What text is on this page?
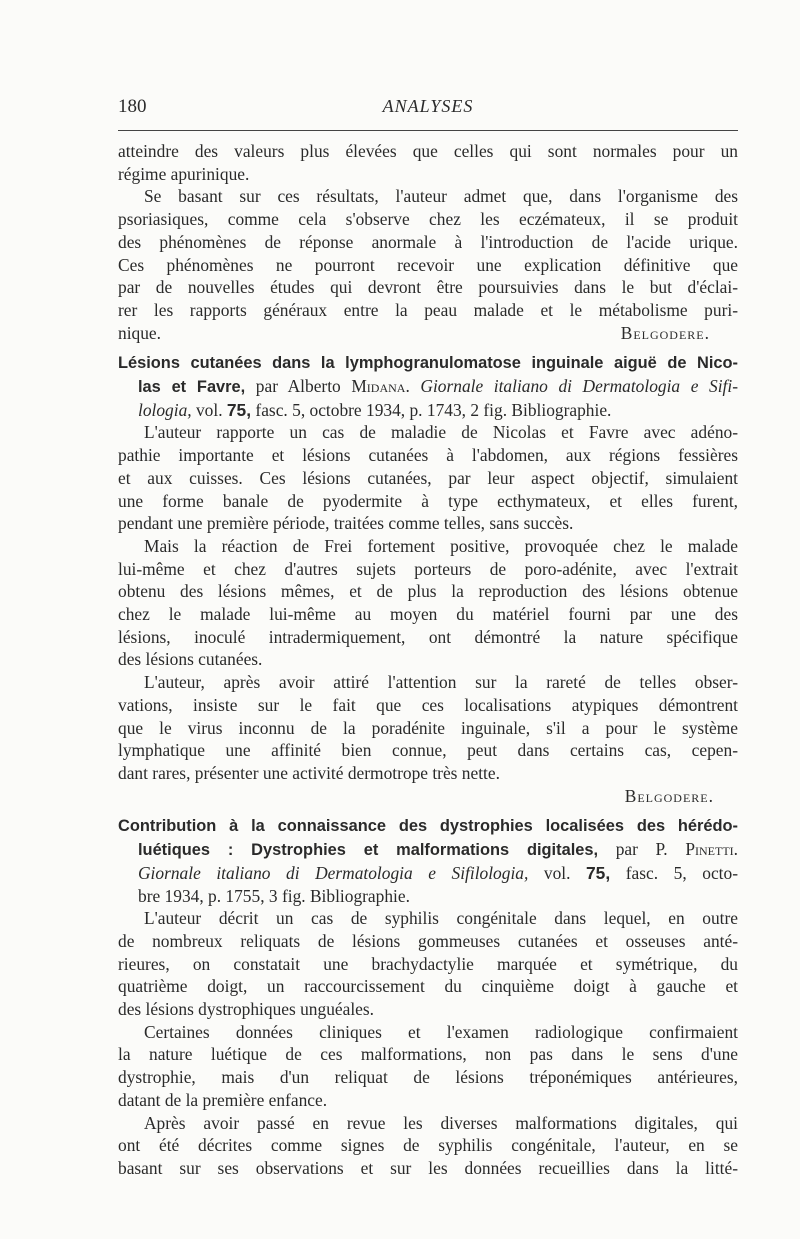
180	ANALYSES
atteindre des valeurs plus élevées que celles qui sont normales pour un
régime apurinique.
Se basant sur ces résultats, l'auteur admet que, dans l'organisme des
psoriasiques, comme cela s'observe chez les eczémateux, il se produit
des phénomènes de réponse anormale à l'introduction de l'acide urique.
Ces phénomènes ne pourront recevoir une explication définitive que
par de nouvelles études qui devront être poursuivies dans le but d'éclai-
rer les rapports généraux entre la peau malade et le métabolisme puri-
nique.	Belgodere.
Lésions cutanées dans la lymphogranulomatose inguinale aiguë de Nico-
las et Favre, par Alberto Midana. Giornale italiano di Dermatologia e Sifi-
lologia, vol. 75, fasc. 5, octobre 1934, p. 1743, 2 fig. Bibliographie.
L'auteur rapporte un cas de maladie de Nicolas et Favre avec adéno-
pathie importante et lésions cutanées à l'abdomen, aux régions fessières
et aux cuisses. Ces lésions cutanées, par leur aspect objectif, simulaient
une forme banale de pyodermite à type ecthymateux, et elles furent,
pendant une première période, traitées comme telles, sans succès.
Mais la réaction de Frei fortement positive, provoquée chez le malade
lui-même et chez d'autres sujets porteurs de poro-adénite, avec l'extrait
obtenu des lésions mêmes, et de plus la reproduction des lésions obtenue
chez le malade lui-même au moyen du matériel fourni par une des
lésions, inoculé intradermiquement, ont démontré la nature spécifique
des lésions cutanées.
L'auteur, après avoir attiré l'attention sur la rareté de telles obser-
vations, insiste sur le fait que ces localisations atypiques démontrent
que le virus inconnu de la poradénite inguinale, s'il a pour le système
lymphatique une affinité bien connue, peut dans certains cas, cepen-
dant rares, présenter une activité dermotrope très nette.
Belgodere.
Contribution à la connaissance des dystrophies localisées des hérédo-
luétiques : Dystrophies et malformations digitales, par P. Pinetti.
Giornale italiano di Dermatologia e Sifilologia, vol. 75, fasc. 5, octo-
bre 1934, p. 1755, 3 fig. Bibliographie.
L'auteur décrit un cas de syphilis congénitale dans lequel, en outre
de nombreux reliquats de lésions gommeuses cutanées et osseuses anté-
rieures, on constatait une brachydactylie marquée et symétrique, du
quatrième doigt, un raccourcissement du cinquième doigt à gauche et
des lésions dystrophiques unguéales.
Certaines données cliniques et l'examen radiologique confirmaient
la nature luétique de ces malformations, non pas dans le sens d'une
dystrophie, mais d'un reliquat de lésions tréponémiques antérieures,
datant de la première enfance.
Après avoir passé en revue les diverses malformations digitales, qui
ont été décrites comme signes de syphilis congénitale, l'auteur, en se
basant sur ses observations et sur les données recueillies dans la litté-
